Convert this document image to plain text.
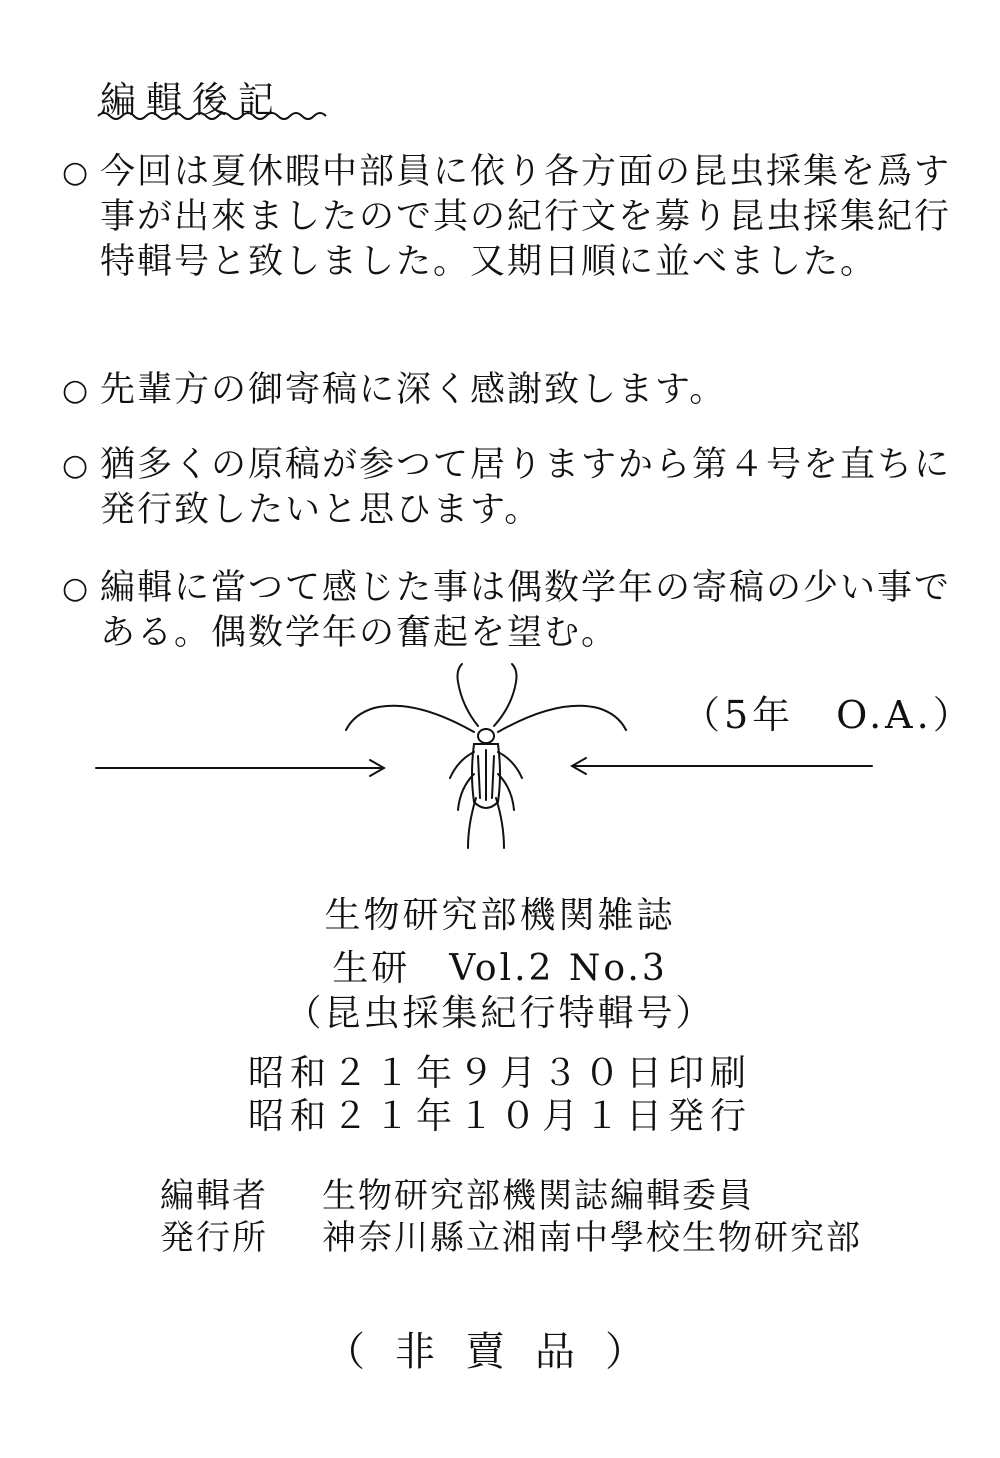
編輯後記
○ 今回は夏休暇中部員に依り各方面の昆虫採集を爲す事が出來ましたので其の紀行文を募り昆虫採集紀行特輯号と致しました。又期日順に並べました。
○ 先輩方の御寄稿に深く感謝致します。
○ 猶多くの原稿が参つて居りますから第４号を直ちに発行致したいと思ひます。
○ 編輯に當つて感じた事は偶数学年の寄稿の少い事である。偶数学年の奮起を望む。
（5年　O.A.）
生物研究部機関雑誌
生研　Vol.2 No.3
（昆虫採集紀行特輯号）
昭和２１年９月３０日印刷
昭和２１年１０月１日発行
編輯者 生物研究部機関誌編輯委員
発行所 神奈川縣立湘南中學校生物研究部
（非賣品）
